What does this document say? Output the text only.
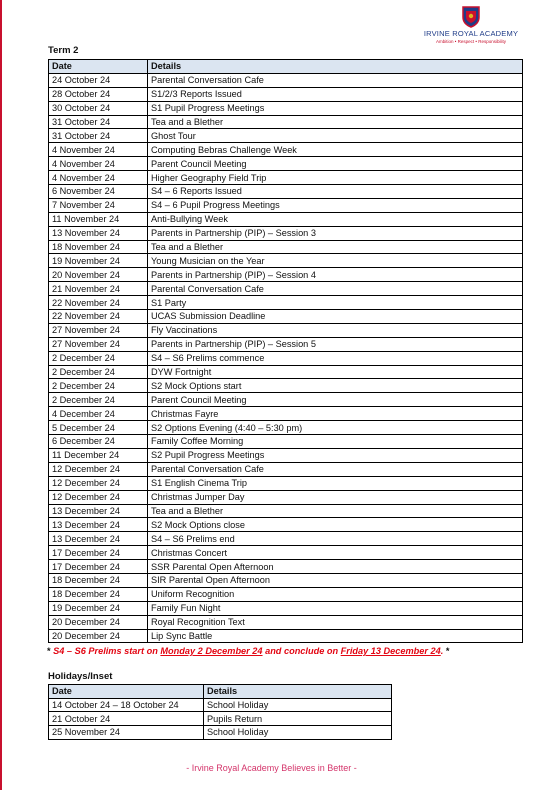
IRVINE ROYAL ACADEMY
Ambition • Respect • Responsibility
Term 2
Date	Details
24 October 24	Parental Conversation Cafe
28 October 24	S1/2/3 Reports Issued
30 October 24	S1 Pupil Progress Meetings
31 October 24	Tea and a Blether
31 October 24	Ghost Tour
4 November 24	Computing Bebras Challenge Week
4 November 24	Parent Council Meeting
4 November 24	Higher Geography Field Trip
6 November 24	S4 – 6 Reports Issued
7 November 24	S4 – 6 Pupil Progress Meetings
11 November 24	Anti-Bullying Week
13 November 24	Parents in Partnership (PIP) – Session 3
18 November 24	Tea and a Blether
19 November 24	Young Musician on the Year
20 November 24	Parents in Partnership (PIP) – Session 4
21 November 24	Parental Conversation Cafe
22 November 24	S1 Party
22 November 24	UCAS Submission Deadline
27 November 24	Fly Vaccinations
27 November 24	Parents in Partnership (PIP) – Session 5
2 December 24	S4 – S6 Prelims commence
2 December 24	DYW Fortnight
2 December 24	S2 Mock Options start
2 December 24	Parent Council Meeting
4 December 24	Christmas Fayre
5 December 24	S2 Options Evening (4:40 – 5:30 pm)
6 December 24	Family Coffee Morning
11 December 24	S2 Pupil Progress Meetings
12 December 24	Parental Conversation Cafe
12 December 24	S1 English Cinema Trip
12 December 24	Christmas Jumper Day
13 December 24	Tea and a Blether
13 December 24	S2 Mock Options close
13 December 24	S4 – S6 Prelims end
17 December 24	Christmas Concert
17 December 24	SSR Parental Open Afternoon
18 December 24	SIR Parental Open Afternoon
18 December 24	Uniform Recognition
19 December 24	Family Fun Night
20 December 24	Royal Recognition Text
20 December 24	Lip Sync Battle
* S4 – S6 Prelims start on Monday 2 December 24 and conclude on Friday 13 December 24. *
Holidays/Inset
Date	Details
14 October 24 – 18 October 24	School Holiday
21 October 24	Pupils Return
25 November 24	School Holiday
- Irvine Royal Academy Believes in Better -
